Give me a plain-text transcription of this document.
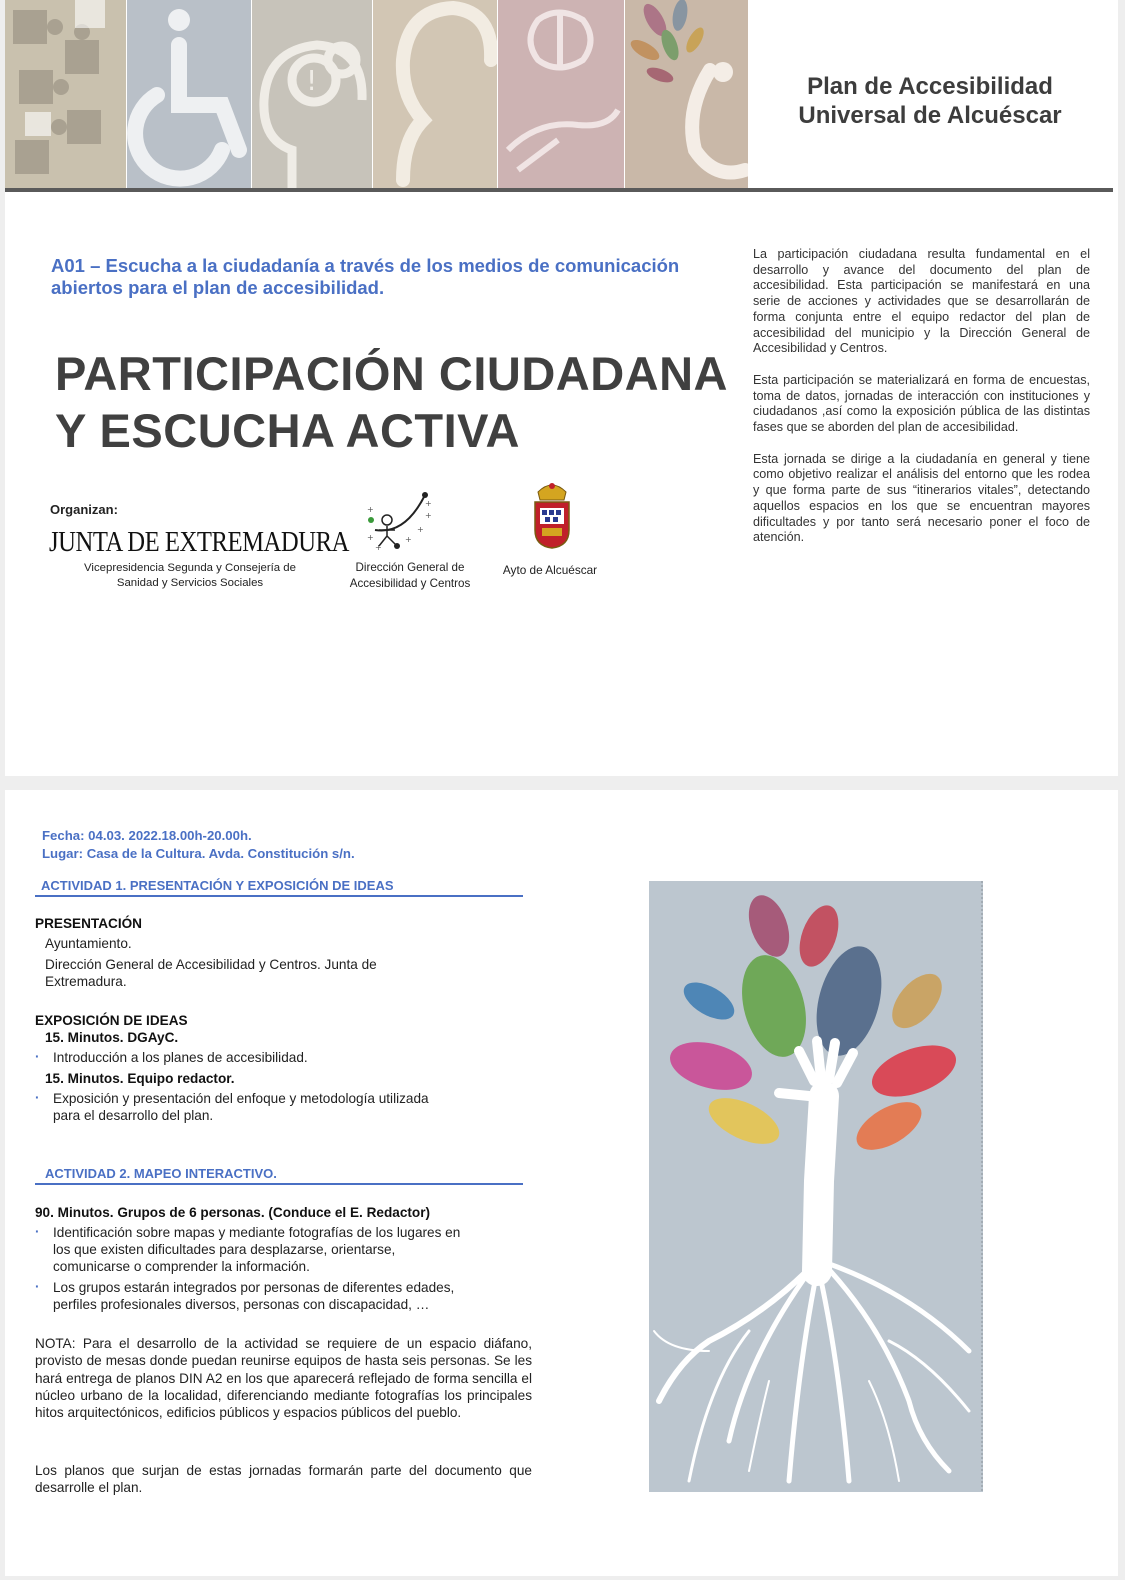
!	Plan de Accesibilidad
Universal de Alcuéscar
A01 – Escucha a la ciudadanía a través de los medios de comunicación
abiertos para el plan de accesibilidad.
PARTICIPACIÓN CIUDADANA
Y ESCUCHA ACTIVA

La participación ciudadana resulta fundamental en el desarrollo y avance del documento del plan de accesibilidad. Esta participación se manifestará en una serie de acciones y actividades que se desarrollarán de forma conjunta entre el equipo redactor del plan de accesibilidad del municipio y la Dirección General de Accesibilidad y Centros.

Esta participación se materializará en forma de encuestas, toma de datos, jornadas de interacción con instituciones y ciudadanos ,así como la exposición pública de las distintas fases que se aborden del plan de accesibilidad.

Esta jornada se dirige a la ciudadanía en general y tiene como objetivo realizar el análisis del entorno que les rodea y que forma parte de sus “itinerarios vitales”, detectando aquellos espacios en los que se encuentran mayores dificultades y por tanto será necesario poner el foco de atención.

Organizan:
JUNTA DE EXTREMADURA
Vicepresidencia Segunda y Consejería de
Sanidad y Servicios Sociales
+
+
+
+
+
+
+
Dirección General de
Accesibilidad y Centros
Ayto de Alcuéscar
Fecha: 04.03. 2022.18.00h-20.00h.
Lugar: Casa de la Cultura. Avda. Constitución s/n.
ACTIVIDAD 1. PRESENTACIÓN Y EXPOSICIÓN DE IDEAS
PRESENTACIÓN
Ayuntamiento.
Dirección General de Accesibilidad y Centros. Junta de
Extremadura.
EXPOSICIÓN DE IDEAS
15. Minutos. DGAyC.
· Introducción a los planes de accesibilidad.
15. Minutos. Equipo redactor.
· Exposición y presentación del enfoque y metodología utilizada
para el desarrollo del plan.
ACTIVIDAD 2. MAPEO INTERACTIVO.
90. Minutos. Grupos de 6 personas. (Conduce el E. Redactor)
· Identificación sobre mapas y mediante fotografías de los lugares en
los que existen dificultades para desplazarse, orientarse,
comunicarse o comprender la información.
· Los grupos estarán integrados por personas de diferentes edades,
perfiles profesionales diversos, personas con discapacidad, …
NOTA: Para el desarrollo de la actividad se requiere de un espacio diáfano, provisto de mesas donde puedan reunirse equipos de hasta seis personas. Se les hará entrega de planos DIN A2 en los que aparecerá reflejado de forma sencilla el núcleo urbano de la localidad, diferenciando mediante fotografías los principales hitos arquitectónicos, edificios públicos y espacios públicos del pueblo.
Los planos que surjan de estas jornadas formarán parte del documento que desarrolle el plan.
